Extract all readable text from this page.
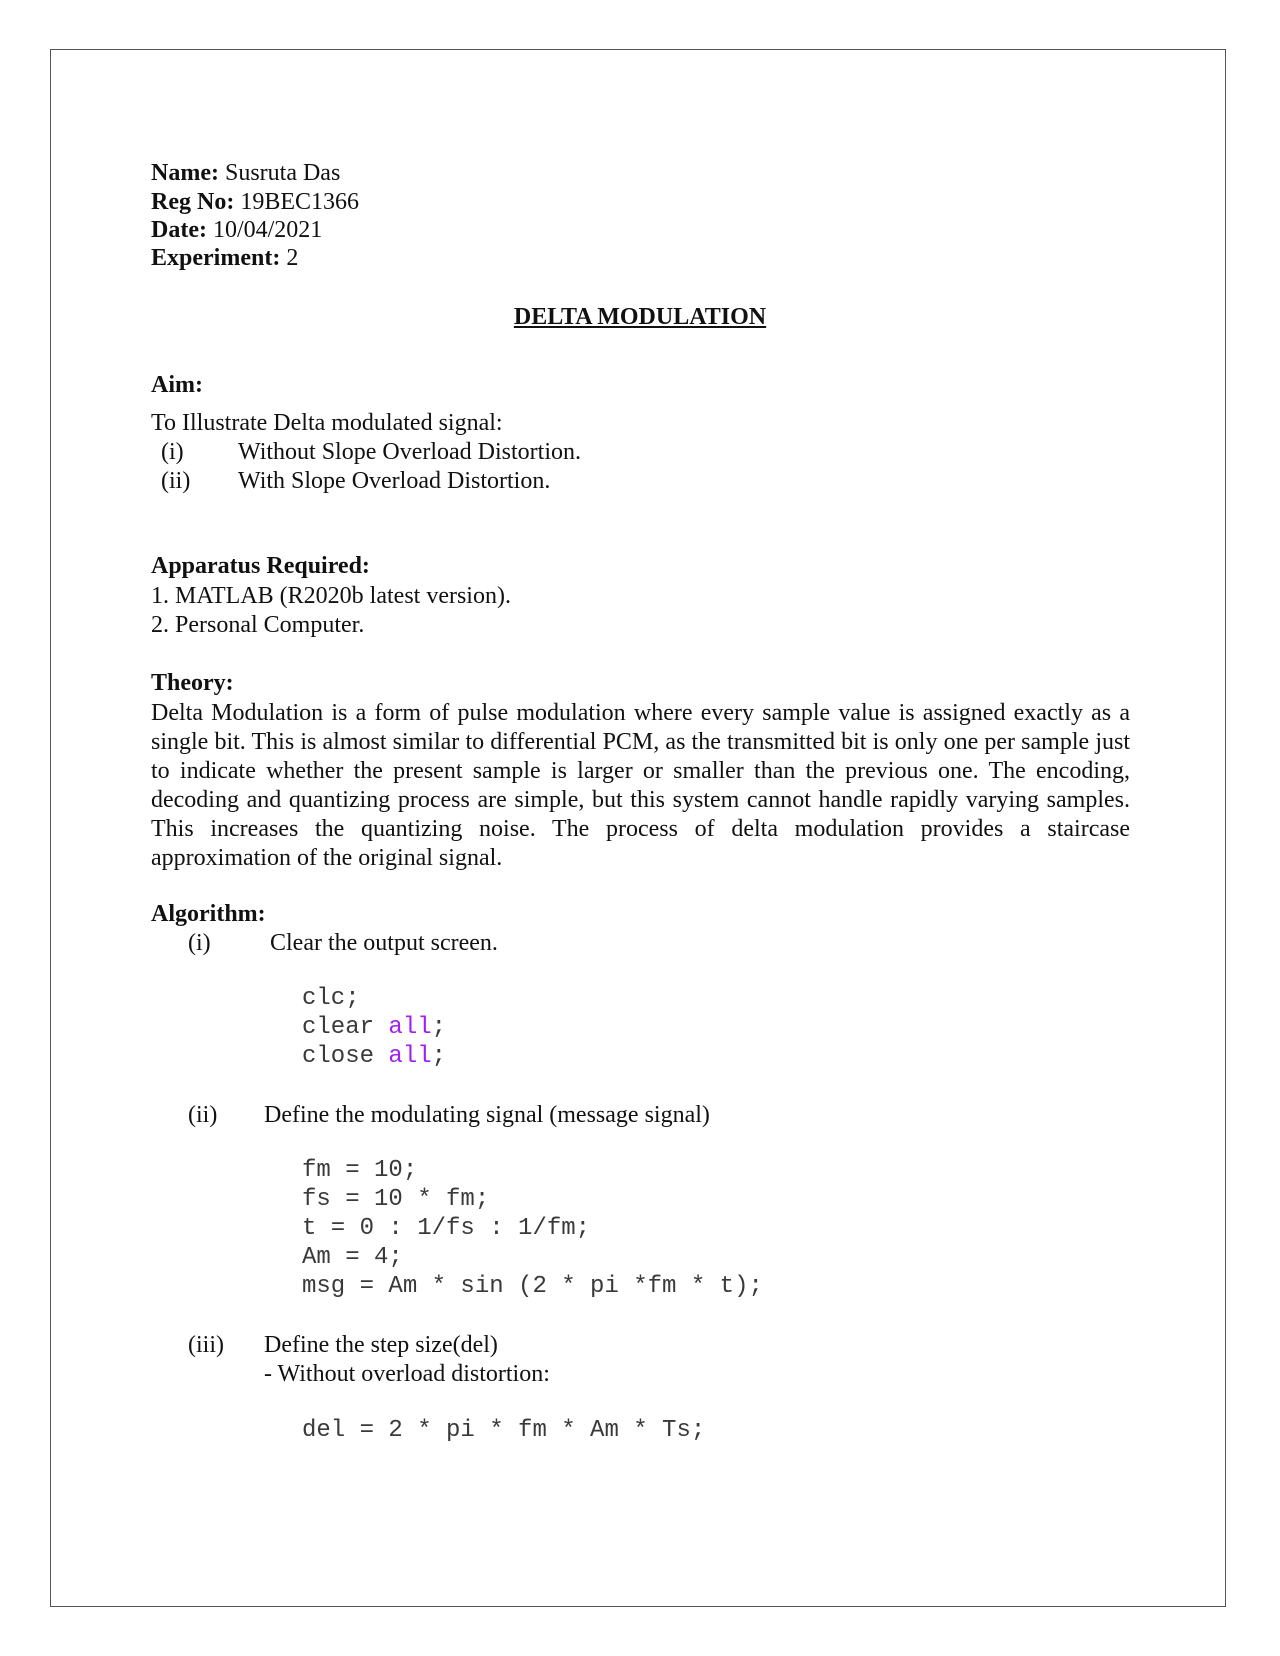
Name: Susruta Das
Reg No: 19BEC1366
Date: 10/04/2021
Experiment: 2
DELTA MODULATION
Aim:
To Illustrate Delta modulated signal:
(i) Without Slope Overload Distortion.
(ii) With Slope Overload Distortion.
Apparatus Required:
1. MATLAB (R2020b latest version).
2. Personal Computer.
Theory:
Delta Modulation is a form of pulse modulation where every sample value is assigned exactly as a single bit. This is almost similar to differential PCM, as the transmitted bit is only one per sample just to indicate whether the present sample is larger or smaller than the previous one. The encoding, decoding and quantizing process are simple, but this system cannot handle rapidly varying samples. This increases the quantizing noise. The process of delta modulation provides a staircase approximation of the original signal.
Algorithm:
(i) Clear the output screen.
clc;
clear all;
close all;
(ii) Define the modulating signal (message signal)
fm = 10;
fs = 10 * fm;
t = 0 : 1/fs : 1/fm;
Am = 4;
msg = Am * sin (2 * pi *fm * t);
(iii) Define the step size(del)
- Without overload distortion:
del = 2 * pi * fm * Am * Ts;
